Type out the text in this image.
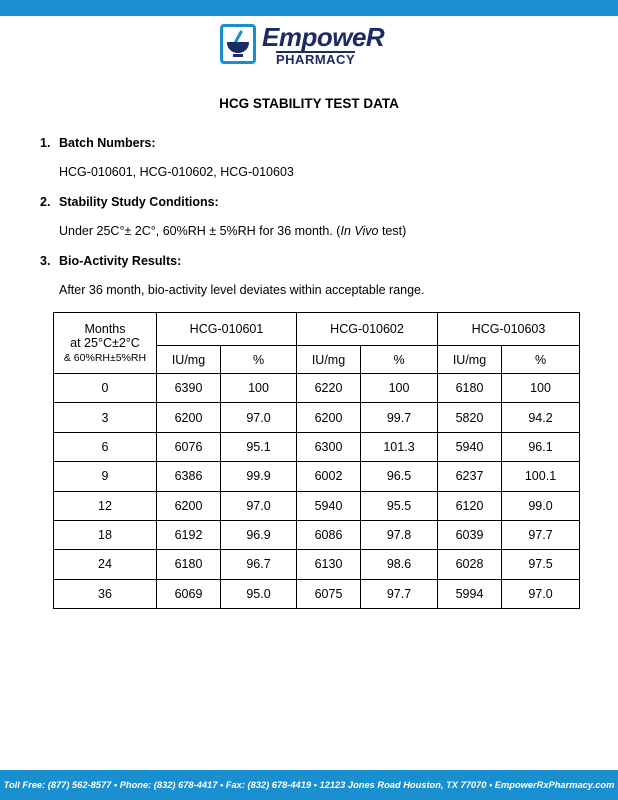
EmpoweR
PHARMACY
HCG STABILITY TEST DATA
1. Batch Numbers:
HCG-010601, HCG-010602, HCG-010603
2. Stability Study Conditions:
Under 25C°± 2C°, 60%RH ± 5%RH for 36 month. (In Vivo test)
3. Bio-Activity Results:
After 36 month, bio-activity level deviates within acceptable range.
Months
at 25°C±2°C
& 60%RH±5%RH	HCG-010601		HCG-010602		HCG-010603	
	IU/mg	%	IU/mg	%	IU/mg	%
0	6390	100	6220	100	6180	100
3	6200	97.0	6200	99.7	5820	94.2
6	6076	95.1	6300	101.3	5940	96.1
9	6386	99.9	6002	96.5	6237	100.1
12	6200	97.0	5940	95.5	6120	99.0
18	6192	96.9	6086	97.8	6039	97.7
24	6180	96.7	6130	98.6	6028	97.5
36	6069	95.0	6075	97.7	5994	97.0
Toll Free: (877) 562-8577 • Phone: (832) 678-4417 • Fax: (832) 678-4419 • 12123 Jones Road Houston, TX 77070 • EmpowerRxPharmacy.com
